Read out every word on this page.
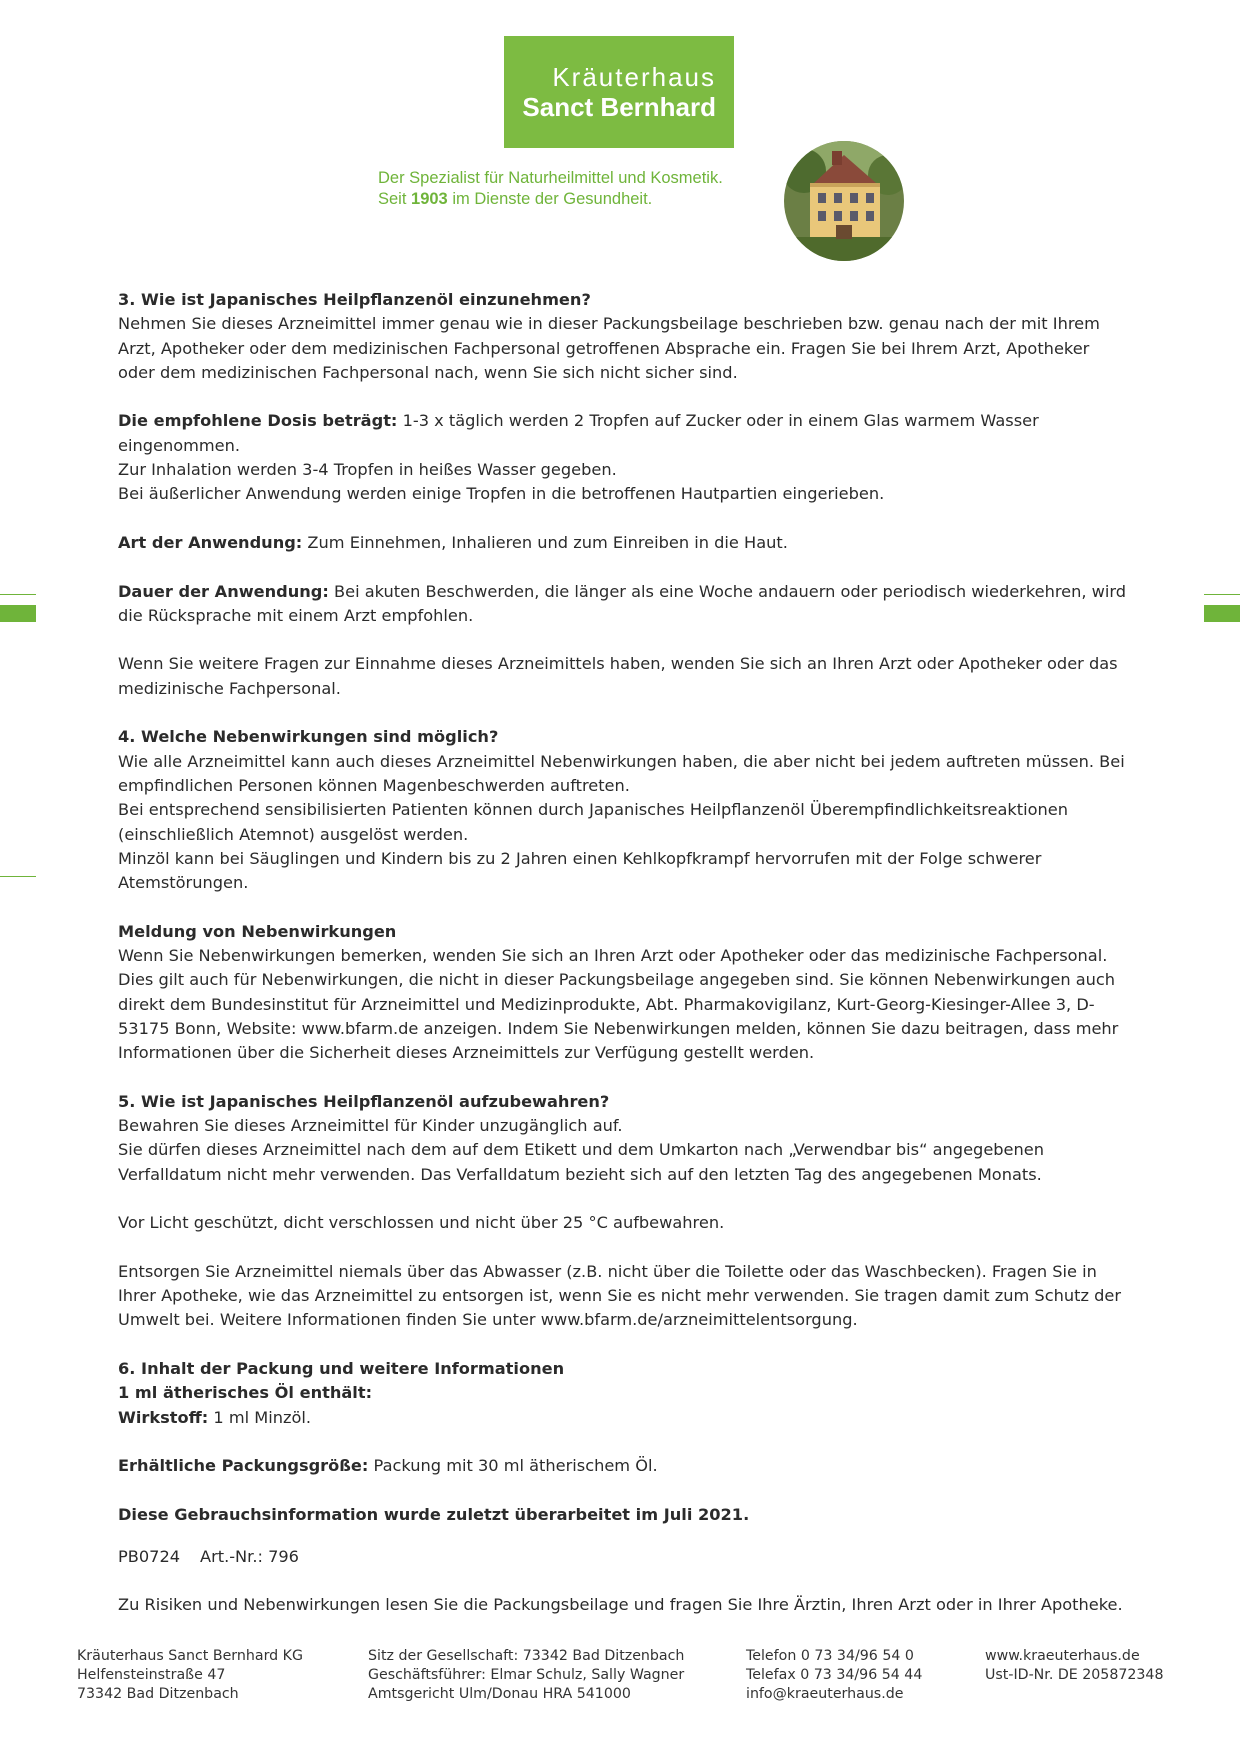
Kräuterhaus
Sanct Bernhard
Der Spezialist für Naturheilmittel und Kosmetik.
Seit 1903 im Dienste der Gesundheit.

3. Wie ist Japanisches Heilpflanzenöl einzunehmen?
Nehmen Sie dieses Arzneimittel immer genau wie in dieser Packungsbeilage beschrieben bzw. genau nach der mit Ihrem Arzt, Apotheker oder dem medizinischen Fachpersonal getroffenen Absprache ein. Fragen Sie bei Ihrem Arzt, Apotheker oder dem medizinischen Fachpersonal nach, wenn Sie sich nicht sicher sind.

Die empfohlene Dosis beträgt: 1-3 x täglich werden 2 Tropfen auf Zucker oder in einem Glas warmem Wasser eingenommen.
Zur Inhalation werden 3-4 Tropfen in heißes Wasser gegeben.
Bei äußerlicher Anwendung werden einige Tropfen in die betroffenen Hautpartien eingerieben.

Art der Anwendung: Zum Einnehmen, Inhalieren und zum Einreiben in die Haut.

Dauer der Anwendung: Bei akuten Beschwerden, die länger als eine Woche andauern oder periodisch wiederkehren, wird die Rücksprache mit einem Arzt empfohlen.

Wenn Sie weitere Fragen zur Einnahme dieses Arzneimittels haben, wenden Sie sich an Ihren Arzt oder Apotheker oder das medizinische Fachpersonal.

4. Welche Nebenwirkungen sind möglich?
Wie alle Arzneimittel kann auch dieses Arzneimittel Nebenwirkungen haben, die aber nicht bei jedem auftreten müssen. Bei empfindlichen Personen können Magenbeschwerden auftreten.
Bei entsprechend sensibilisierten Patienten können durch Japanisches Heilpflanzenöl Überempfindlichkeitsreaktionen (einschließlich Atemnot) ausgelöst werden.
Minzöl kann bei Säuglingen und Kindern bis zu 2 Jahren einen Kehlkopfkrampf hervorrufen mit der Folge schwerer Atemstörungen.

Meldung von Nebenwirkungen
Wenn Sie Nebenwirkungen bemerken, wenden Sie sich an Ihren Arzt oder Apotheker oder das medizinische Fachpersonal. Dies gilt auch für Nebenwirkungen, die nicht in dieser Packungsbeilage angegeben sind. Sie können Nebenwirkungen auch direkt dem Bundesinstitut für Arzneimittel und Medizinprodukte, Abt. Pharmakovigilanz, Kurt-Georg-Kiesinger-Allee 3, D-53175 Bonn, Website: www.bfarm.de anzeigen. Indem Sie Nebenwirkungen melden, können Sie dazu beitragen, dass mehr Informationen über die Sicherheit dieses Arzneimittels zur Verfügung gestellt werden.

5. Wie ist Japanisches Heilpflanzenöl aufzubewahren?
Bewahren Sie dieses Arzneimittel für Kinder unzugänglich auf.
Sie dürfen dieses Arzneimittel nach dem auf dem Etikett und dem Umkarton nach „Verwendbar bis“ angegebenen Verfalldatum nicht mehr verwenden. Das Verfalldatum bezieht sich auf den letzten Tag des angegebenen Monats.

Vor Licht geschützt, dicht verschlossen und nicht über 25 °C aufbewahren.

Entsorgen Sie Arzneimittel niemals über das Abwasser (z.B. nicht über die Toilette oder das Waschbecken). Fragen Sie in Ihrer Apotheke, wie das Arzneimittel zu entsorgen ist, wenn Sie es nicht mehr verwenden. Sie tragen damit zum Schutz der Umwelt bei. Weitere Informationen finden Sie unter www.bfarm.de/arzneimittelentsorgung.

6. Inhalt der Packung und weitere Informationen
1 ml ätherisches Öl enthält:
Wirkstoff: 1 ml Minzöl.

Erhältliche Packungsgröße: Packung mit 30 ml ätherischem Öl.

Diese Gebrauchsinformation wurde zuletzt überarbeitet im Juli 2021.

PB0724 Art.-Nr.: 796

Zu Risiken und Nebenwirkungen lesen Sie die Packungsbeilage und fragen Sie Ihre Ärztin, Ihren Arzt oder in Ihrer Apotheke.

Kräuterhaus Sanct Bernhard KG
Helfensteinstraße 47
73342 Bad Ditzenbach
Sitz der Gesellschaft: 73342 Bad Ditzenbach
Geschäftsführer: Elmar Schulz, Sally Wagner
Amtsgericht Ulm/Donau HRA 541000
Telefon 0 73 34/96 54 0
Telefax 0 73 34/96 54 44
info@kraeuterhaus.de
www.kraeuterhaus.de
Ust-ID-Nr. DE 205872348
